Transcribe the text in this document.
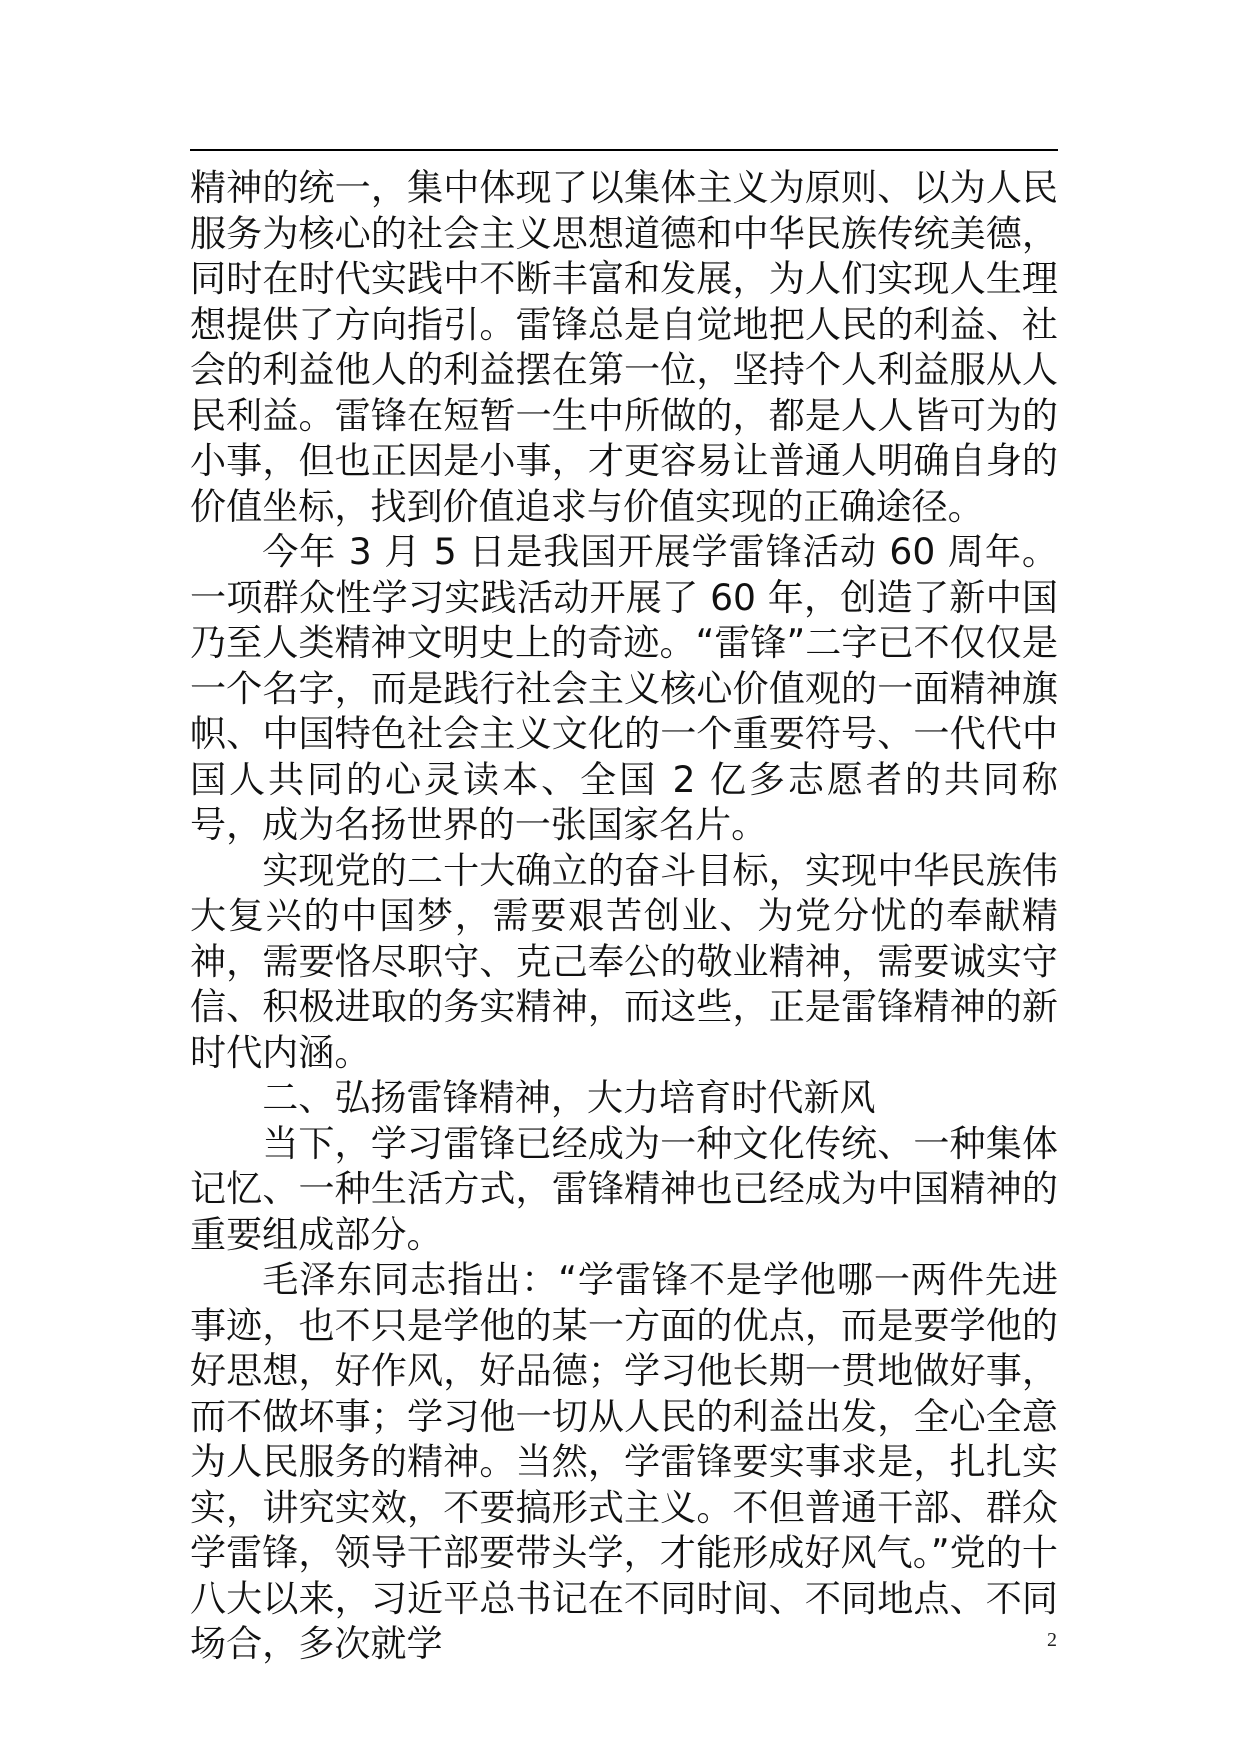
精神的统一，集中体现了以集体主义为原则、以为人民服务为核心的社会主义思想道德和中华民族传统美德，同时在时代实践中不断丰富和发展，为人们实现人生理想提供了方向指引。雷锋总是自觉地把人民的利益、社会的利益他人的利益摆在第一位，坚持个人利益服从人民利益。雷锋在短暂一生中所做的，都是人人皆可为的小事，但也正因是小事，才更容易让普通人明确自身的价值坐标，找到价值追求与价值实现的正确途径。

今年 3 月 5 日是我国开展学雷锋活动 60 周年。一项群众性学习实践活动开展了 60 年，创造了新中国乃至人类精神文明史上的奇迹。“雷锋”二字已不仅仅是一个名字，而是践行社会主义核心价值观的一面精神旗帜、中国特色社会主义文化的一个重要符号、一代代中国人共同的心灵读本、全国 2 亿多志愿者的共同称号，成为名扬世界的一张国家名片。

实现党的二十大确立的奋斗目标，实现中华民族伟大复兴的中国梦，需要艰苦创业、为党分忧的奉献精神，需要恪尽职守、克己奉公的敬业精神，需要诚实守信、积极进取的务实精神，而这些，正是雷锋精神的新时代内涵。

二、弘扬雷锋精神，大力培育时代新风

当下，学习雷锋已经成为一种文化传统、一种集体记忆、一种生活方式，雷锋精神也已经成为中国精神的重要组成部分。

毛泽东同志指出：“学雷锋不是学他哪一两件先进事迹，也不只是学他的某一方面的优点，而是要学他的好思想，好作风，好品德；学习他长期一贯地做好事，而不做坏事；学习他一切从人民的利益出发，全心全意为人民服务的精神。当然，学雷锋要实事求是，扎扎实实，讲究实效，不要搞形式主义。不但普通干部、群众学雷锋，领导干部要带头学，才能形成好风气。”党的十八大以来，习近平总书记在不同时间、不同地点、不同场合，多次就学	2
